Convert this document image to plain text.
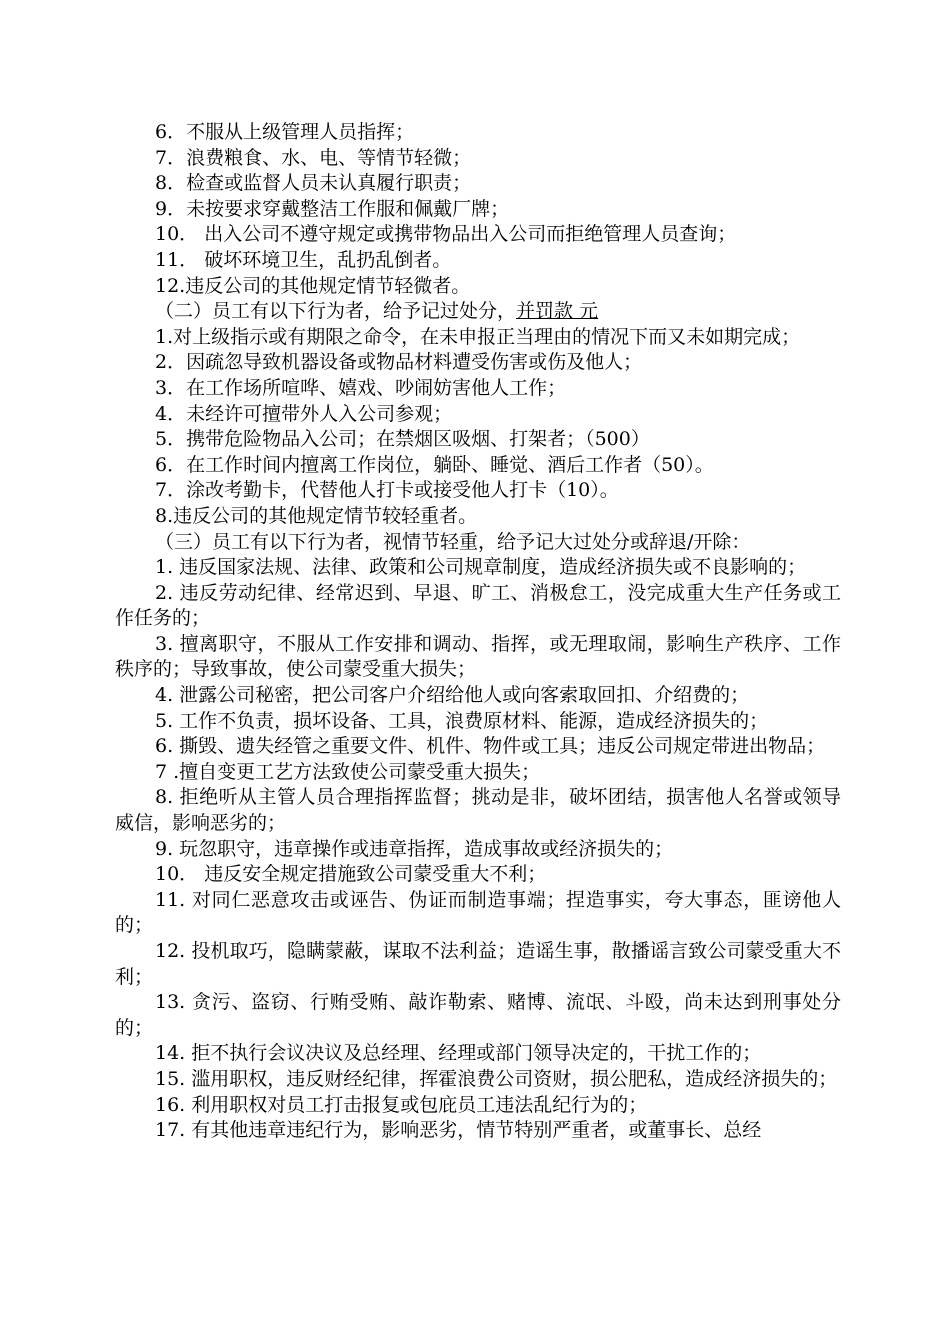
6．不服从上级管理人员指挥；

7．浪费粮食、水、电、等情节轻微；

8．检查或监督人员未认真履行职责；

9．未按要求穿戴整洁工作服和佩戴厂牌；

10． 出入公司不遵守规定或携带物品出入公司而拒绝管理人员查询；

11． 破坏环境卫生，乱扔乱倒者。

12.违反公司的其他规定情节轻微者。

（二）员工有以下行为者，给予记过处分，并罚款 元

1.对上级指示或有期限之命令，在未申报正当理由的情况下而又未如期完成；

2．因疏忽导致机器设备或物品材料遭受伤害或伤及他人；

3．在工作场所喧哗、嬉戏、吵闹妨害他人工作；

4．未经许可擅带外人入公司参观；

5．携带危险物品入公司；在禁烟区吸烟、打架者；（500）

6．在工作时间内擅离工作岗位，躺卧、睡觉、酒后工作者（50）。

7．涂改考勤卡，代替他人打卡或接受他人打卡（10）。

8.违反公司的其他规定情节较轻重者。

（三）员工有以下行为者，视情节轻重，给予记大过处分或辞退/开除：

1. 违反国家法规、法律、政策和公司规章制度，造成经济损失或不良影响的；

2. 违反劳动纪律、经常迟到、早退、旷工、消极怠工，没完成重大生产任务或工作任务的；

3. 擅离职守，不服从工作安排和调动、指挥，或无理取闹，影响生产秩序、工作秩序的；导致事故，使公司蒙受重大损失；

4. 泄露公司秘密，把公司客户介绍给他人或向客索取回扣、介绍费的；

5. 工作不负责，损坏设备、工具，浪费原材料、能源，造成经济损失的；

6. 撕毁、遗失经管之重要文件、机件、物件或工具；违反公司规定带进出物品；

7 .擅自变更工艺方法致使公司蒙受重大损失；

8. 拒绝听从主管人员合理指挥监督；挑动是非，破坏团结，损害他人名誉或领导威信，影响恶劣的；

9. 玩忽职守，违章操作或违章指挥，造成事故或经济损失的；

10． 违反安全规定措施致公司蒙受重大不利；

11. 对同仁恶意攻击或诬告、伪证而制造事端；捏造事实，夸大事态，匪谤他人的；

12. 投机取巧，隐瞒蒙蔽，谋取不法利益；造谣生事，散播谣言致公司蒙受重大不利；

13. 贪污、盗窃、行贿受贿、敲诈勒索、赌博、流氓、斗殴，尚未达到刑事处分的；

14. 拒不执行会议决议及总经理、经理或部门领导决定的，干扰工作的；

15. 滥用职权，违反财经纪律，挥霍浪费公司资财，损公肥私，造成经济损失的；

16. 利用职权对员工打击报复或包庇员工违法乱纪行为的；

17. 有其他违章违纪行为，影响恶劣，情节特别严重者，或董事长、总经
